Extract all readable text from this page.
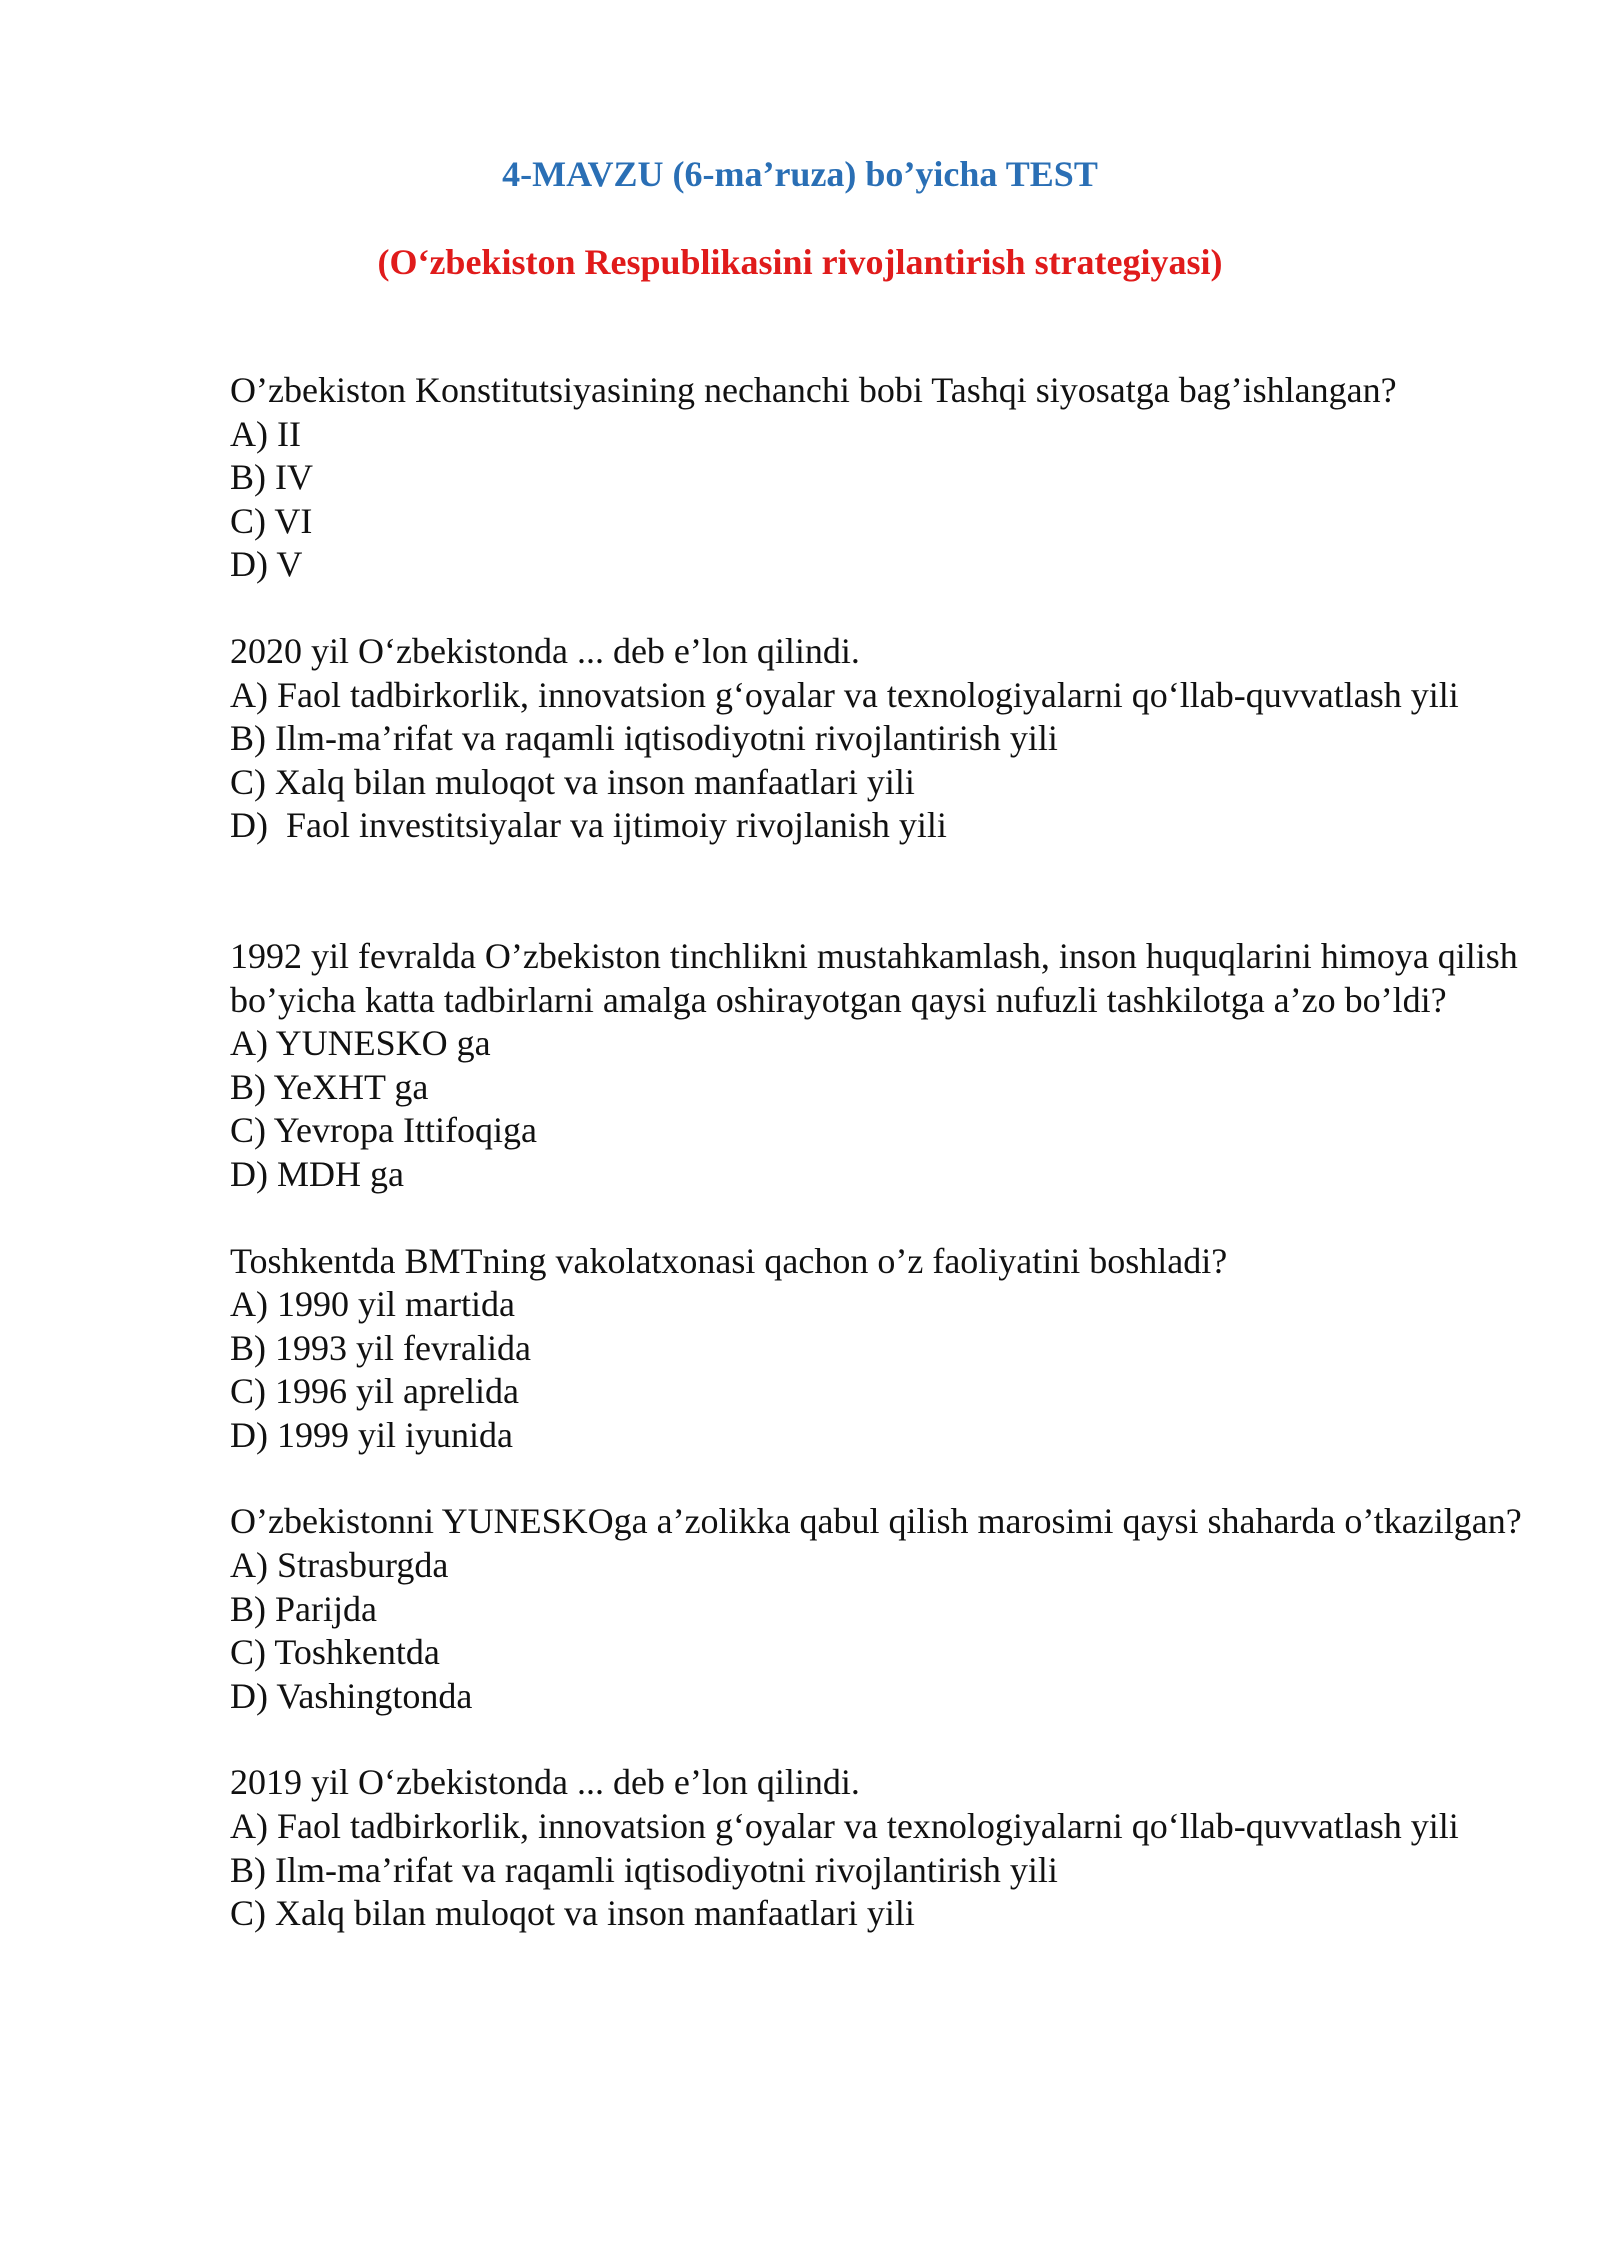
4-MAVZU (6-ma’ruza) bo’yicha TEST

(O‘zbekiston Respublikasini rivojlantirish strategiyasi)

O’zbekiston Konstitutsiyasining nechanchi bobi Tashqi siyosatga bag’ishlangan?

A) II

B) IV

C) VI

D) V

2020 yil O‘zbekistonda ... deb e’lon qilindi.

A) Faol tadbirkorlik, innovatsion g‘oyalar va texnologiyalarni qo‘llab-quvvatlash yili

B) Ilm-ma’rifat va raqamli iqtisodiyotni rivojlantirish yili

C) Xalq bilan muloqot va inson manfaatlari yili

D)  Faol investitsiyalar va ijtimoiy rivojlanish yili

1992 yil fevralda O’zbekiston tinchlikni mustahkamlash, inson huquqlarini himoya qilish bo’yicha katta tadbirlarni amalga oshirayotgan qaysi nufuzli tashkilotga a’zo bo’ldi?

A) YUNESKO ga

B) YeXHT ga

C) Yevropa Ittifoqiga

D) MDH ga

Toshkentda BMTning vakolatxonasi qachon o’z faoliyatini boshladi?

A) 1990 yil martida

B) 1993 yil fevralida

C) 1996 yil aprelida

D) 1999 yil iyunida

O’zbekistonni YUNESKOga a’zolikka qabul qilish marosimi qaysi shaharda o’tkazilgan?

A) Strasburgda

B) Parijda

C) Toshkentda

D) Vashingtonda

2019 yil O‘zbekistonda ... deb e’lon qilindi.

A) Faol tadbirkorlik, innovatsion g‘oyalar va texnologiyalarni qo‘llab-quvvatlash yili

B) Ilm-ma’rifat va raqamli iqtisodiyotni rivojlantirish yili

C) Xalq bilan muloqot va inson manfaatlari yili
